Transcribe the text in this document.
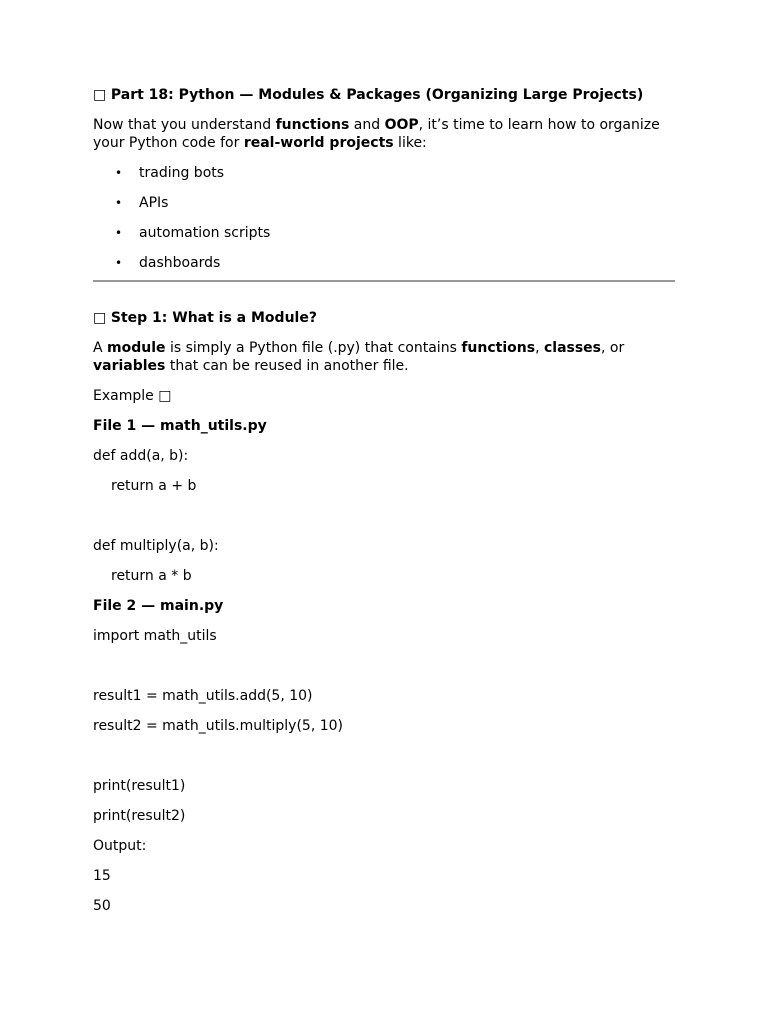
□ Part 18: Python — Modules & Packages (Organizing Large Projects)

Now that you understand functions and OOP, it’s time to learn how to organize your Python code for real-world projects like:

• trading bots
• APIs
• automation scripts
• dashboards

□ Step 1: What is a Module?

A module is simply a Python file (.py) that contains functions, classes, or variables that can be reused in another file.

Example □

File 1 — math_utils.py

def add(a, b):

return a + b

def multiply(a, b):

return a * b

File 2 — main.py

import math_utils

result1 = math_utils.add(5, 10)

result2 = math_utils.multiply(5, 10)

print(result1)

print(result2)

Output:

15

50
